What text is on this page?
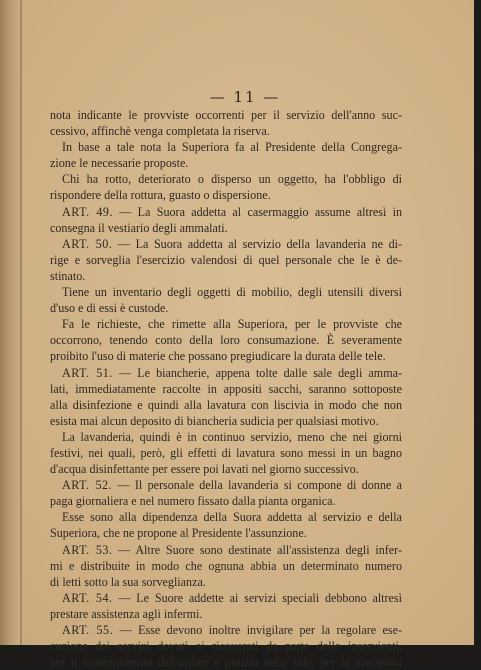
— 11 —
nota indicante le provviste occorrenti per il servizio dell'anno suc-
cessivo, affinchè venga completata la riserva.
In base a tale nota la Superiora fa al Presidente della Congrega-
zione le necessarie proposte.
Chi ha rotto, deteriorato o disperso un oggetto, ha l'obbligo di
rispondere della rottura, guasto o dispersione.
ART. 49. — La Suora addetta al casermaggio assume altresì in
consegna il vestiario degli ammalati.
ART. 50. — La Suora addetta al servizio della lavanderia ne di-
rige e sorveglia l'esercizio valendosi di quel personale che le è de-
stinato.
Tiene un inventario degli oggetti di mobilio, degli utensili diversi
d'uso e di essi è custode.
Fa le richieste, che rimette alla Superiora, per le provviste che
occorrono, tenendo conto della loro consumazione. È severamente
proibito l'uso di materie che possano pregiudicare la durata delle tele.
ART. 51. — Le biancherie, appena tolte dalle sale degli amma-
lati, immediatamente raccolte in appositi sacchi, saranno sottoposte
alla disinfezione e quindi alla lavatura con liscivia in modo che non
esista mai alcun deposito di biancheria sudicia per qualsiasi motivo.
La lavanderia, quindi è in continuo servizio, meno che nei giorni
festivi, nei quali, però, gli effetti di lavatura sono messi in un bagno
d'acqua disinfettante per essere poi lavati nel giorno successivo.
ART. 52. — Il personale della lavanderia si compone di donne a
paga giornaliera e nel numero fissato dalla pianta organica.
Esse sono alla dipendenza della Suora addetta al servizio e della
Superiora, che ne propone al Presidente l'assunzione.
ART. 53. — Altre Suore sono destinate all'assistenza degli infer-
mi e distribuite in modo che ognuna abbia un determinato numero
di letti sotto la sua sorveglianza.
ART. 54. — Le Suore addette ai servizi speciali debbono altresì
prestare assistenza agli infermi.
ART. 55. — Esse devono inoltre invigilare per la regolare ese-
cuzione dei servizi dovuti ai ricoverati da parte delle inservienti,
per il mantenimento dell'ordine e pulizia nelle sale, per la disciplina
